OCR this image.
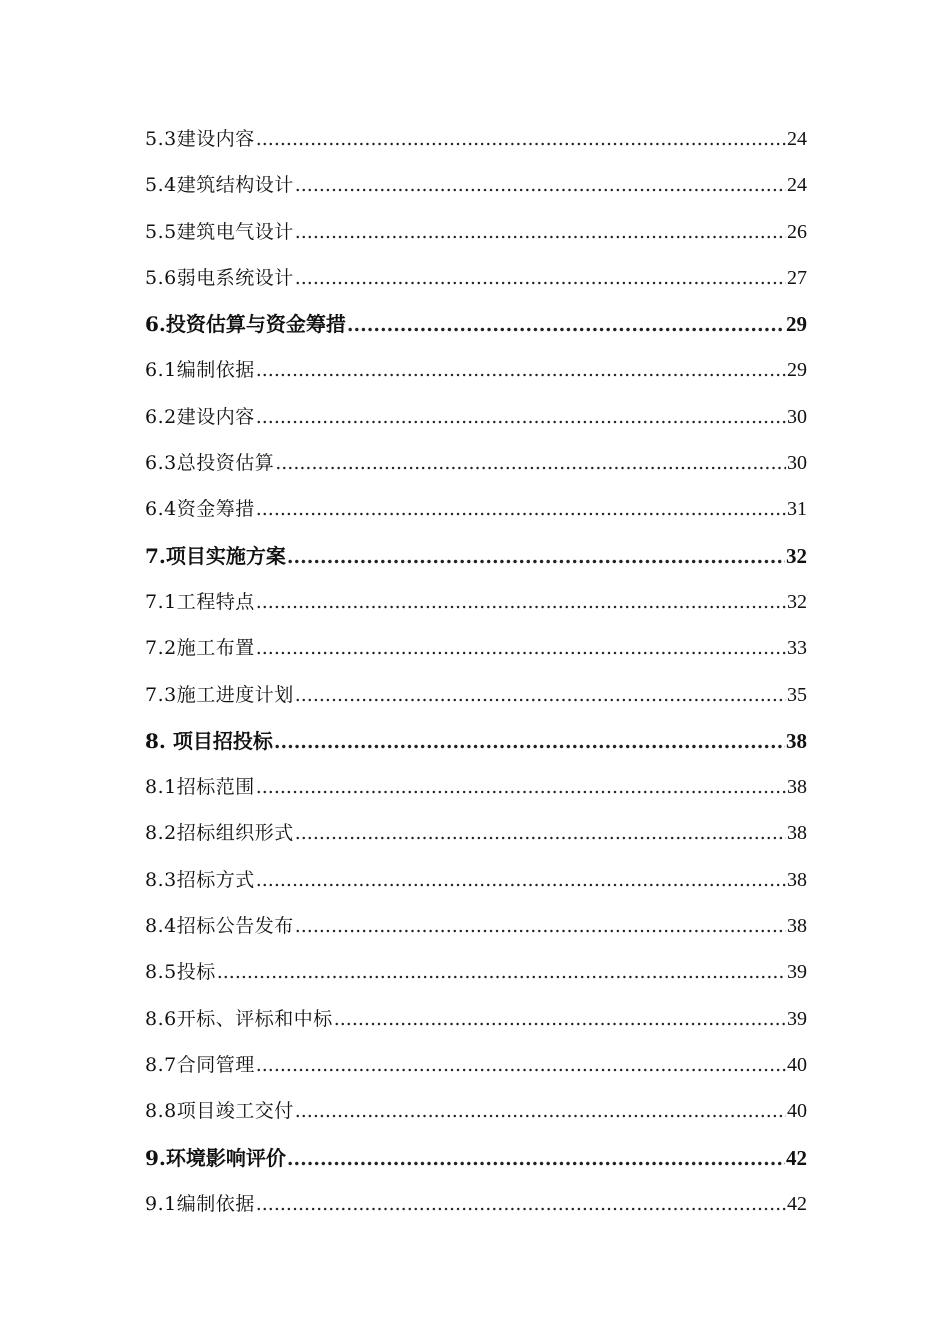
5.3建设内容 .....	24
5.4建筑结构设计 .....	24
5.5建筑电气设计 .....	26
5.6弱电系统设计 .....	27
6.投资估算与资金筹措 .....	29
6.1编制依据 .....	29
6.2建设内容 .....	30
6.3总投资估算 .....	30
6.4资金筹措 .....	31
7.项目实施方案 .....	32
7.1工程特点 .....	32
7.2施工布置 .....	33
7.3施工进度计划 .....	35
8. 项目招投标 .....	38
8.1招标范围 .....	38
8.2招标组织形式 .....	38
8.3招标方式 .....	38
8.4招标公告发布 .....	38
8.5投标 .....	39
8.6开标、评标和中标 .....	39
8.7合同管理 .....	40
8.8项目竣工交付 .....	40
9.环境影响评价 .....	42
9.1编制依据 .....	42
